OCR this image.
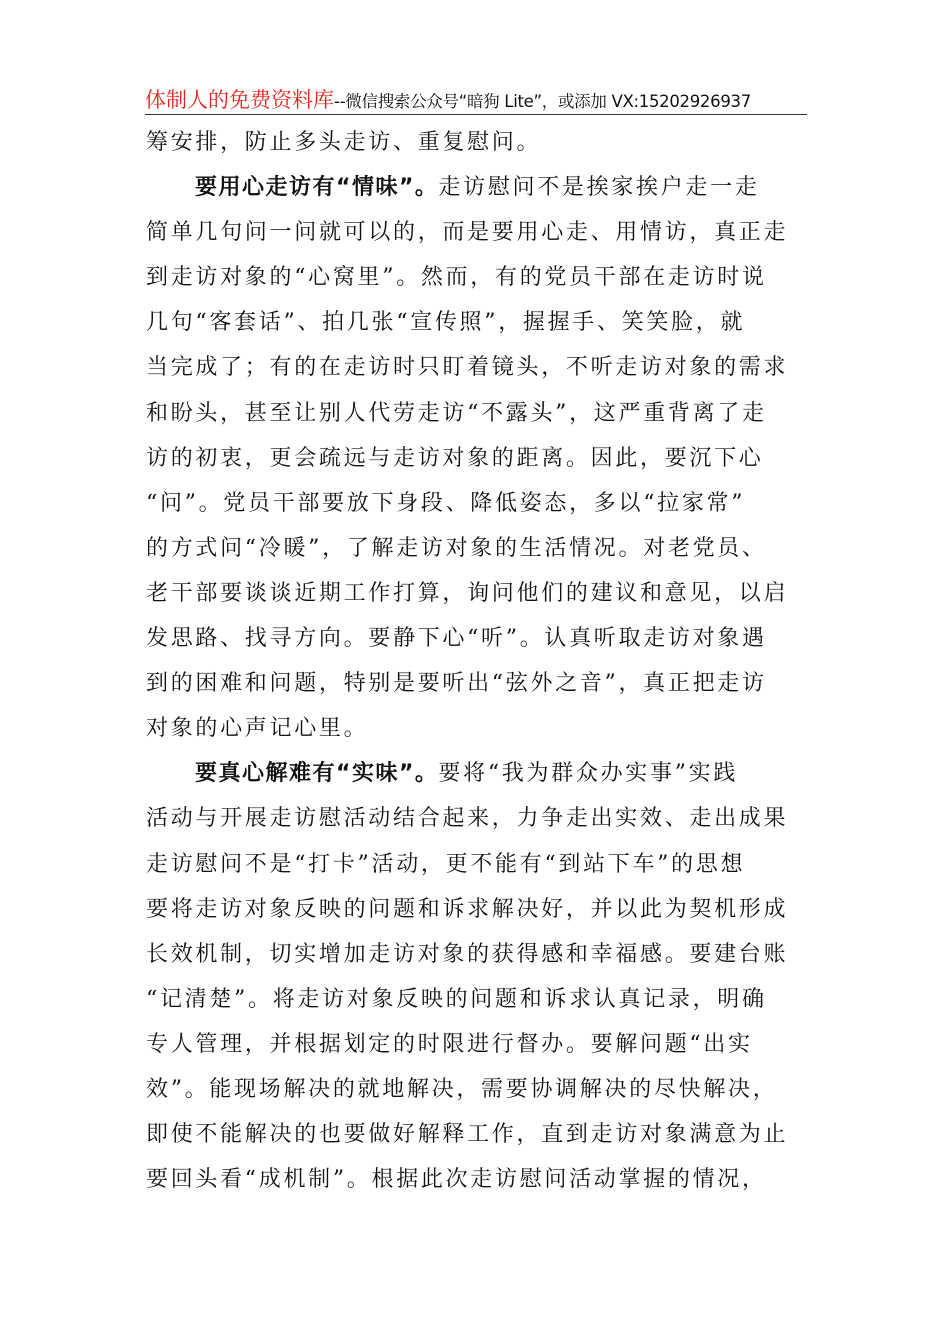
体制人的免费资料库--微信搜索公众号“暗狗 Lite”，或添加 VX:15202926937
筹安排，防止多头走访、重复慰问。
要用心走访有“情味”。走访慰问不是挨家挨户走一走
简单几句问一问就可以的，而是要用心走、用情访，真正走
到走访对象的“心窝里”。然而，有的党员干部在走访时说
几句“客套话”、拍几张“宣传照”，握握手、笑笑脸，就
当完成了；有的在走访时只盯着镜头，不听走访对象的需求
和盼头，甚至让别人代劳走访“不露头”，这严重背离了走
访的初衷，更会疏远与走访对象的距离。因此，要沉下心
“问”。党员干部要放下身段、降低姿态，多以“拉家常”
的方式问“冷暖”，了解走访对象的生活情况。对老党员、
老干部要谈谈近期工作打算，询问他们的建议和意见，以启
发思路、找寻方向。要静下心“听”。认真听取走访对象遇
到的困难和问题，特别是要听出“弦外之音”，真正把走访
对象的心声记心里。
要真心解难有“实味”。要将“我为群众办实事”实践
活动与开展走访慰活动结合起来，力争走出实效、走出成果
走访慰问不是“打卡”活动，更不能有“到站下车”的思想
要将走访对象反映的问题和诉求解决好，并以此为契机形成
长效机制，切实增加走访对象的获得感和幸福感。要建台账
“记清楚”。将走访对象反映的问题和诉求认真记录，明确
专人管理，并根据划定的时限进行督办。要解问题“出实
效”。能现场解决的就地解决，需要协调解决的尽快解决，
即使不能解决的也要做好解释工作，直到走访对象满意为止
要回头看“成机制”。根据此次走访慰问活动掌握的情况，
